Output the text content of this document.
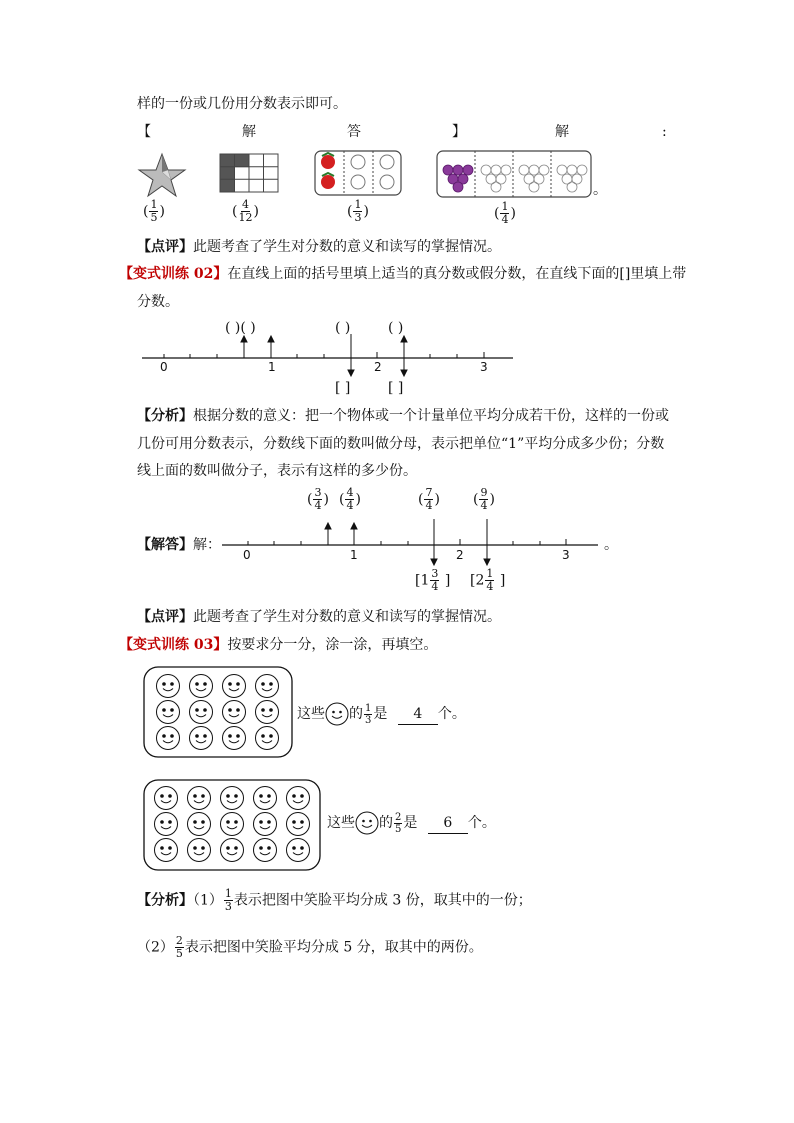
样的一份或几份用分数表示即可。
【	解	答	】	解	:
。
( $\frac{1}{5}$ )	( $\frac{4}{12}$ )	( $\frac{1}{3}$ )	( $\frac{1}{4}$ )
【点评】此题考查了学生对分数的意义和读写的掌握情况。
【变式训练 02】在直线上面的括号里填上适当的真分数或假分数，在直线下面的[]里填上带
分数。
( )( )	( )	( )
0	1	2	3
[ ]	[ ]
【分析】根据分数的意义：把一个物体或一个计量单位平均分成若干份，这样的一份或
几份可用分数表示，分数线下面的数叫做分母，表示把单位“1”平均分成多少份；分数
线上面的数叫做分子，表示有这样的多少份。
【解答】解：
( $\frac{3}{4}$ ) ( $\frac{4}{4}$ )	( $\frac{7}{4}$ ) ( $\frac{9}{4}$ )
0	1	2	3
。
[$1 \frac{3}{4}$ ] [$2 \frac{1}{4}$ ]
【点评】此题考查了学生对分数的意义和读写的掌握情况。
【变式训练 03】按要求分一分，涂一涂，再填空。
这些 的 $\frac{1}{3}$ 是 4 个。
这些 的 $\frac{2}{5}$ 是 6 个。
【分析】$(1) \frac{1}{3}$ 表示把图中笑脸平均分成 3 份，取其中的一份；
$(2) \frac{2}{5}$ 表示把图中笑脸平均分成 5 分，取其中的两份。
